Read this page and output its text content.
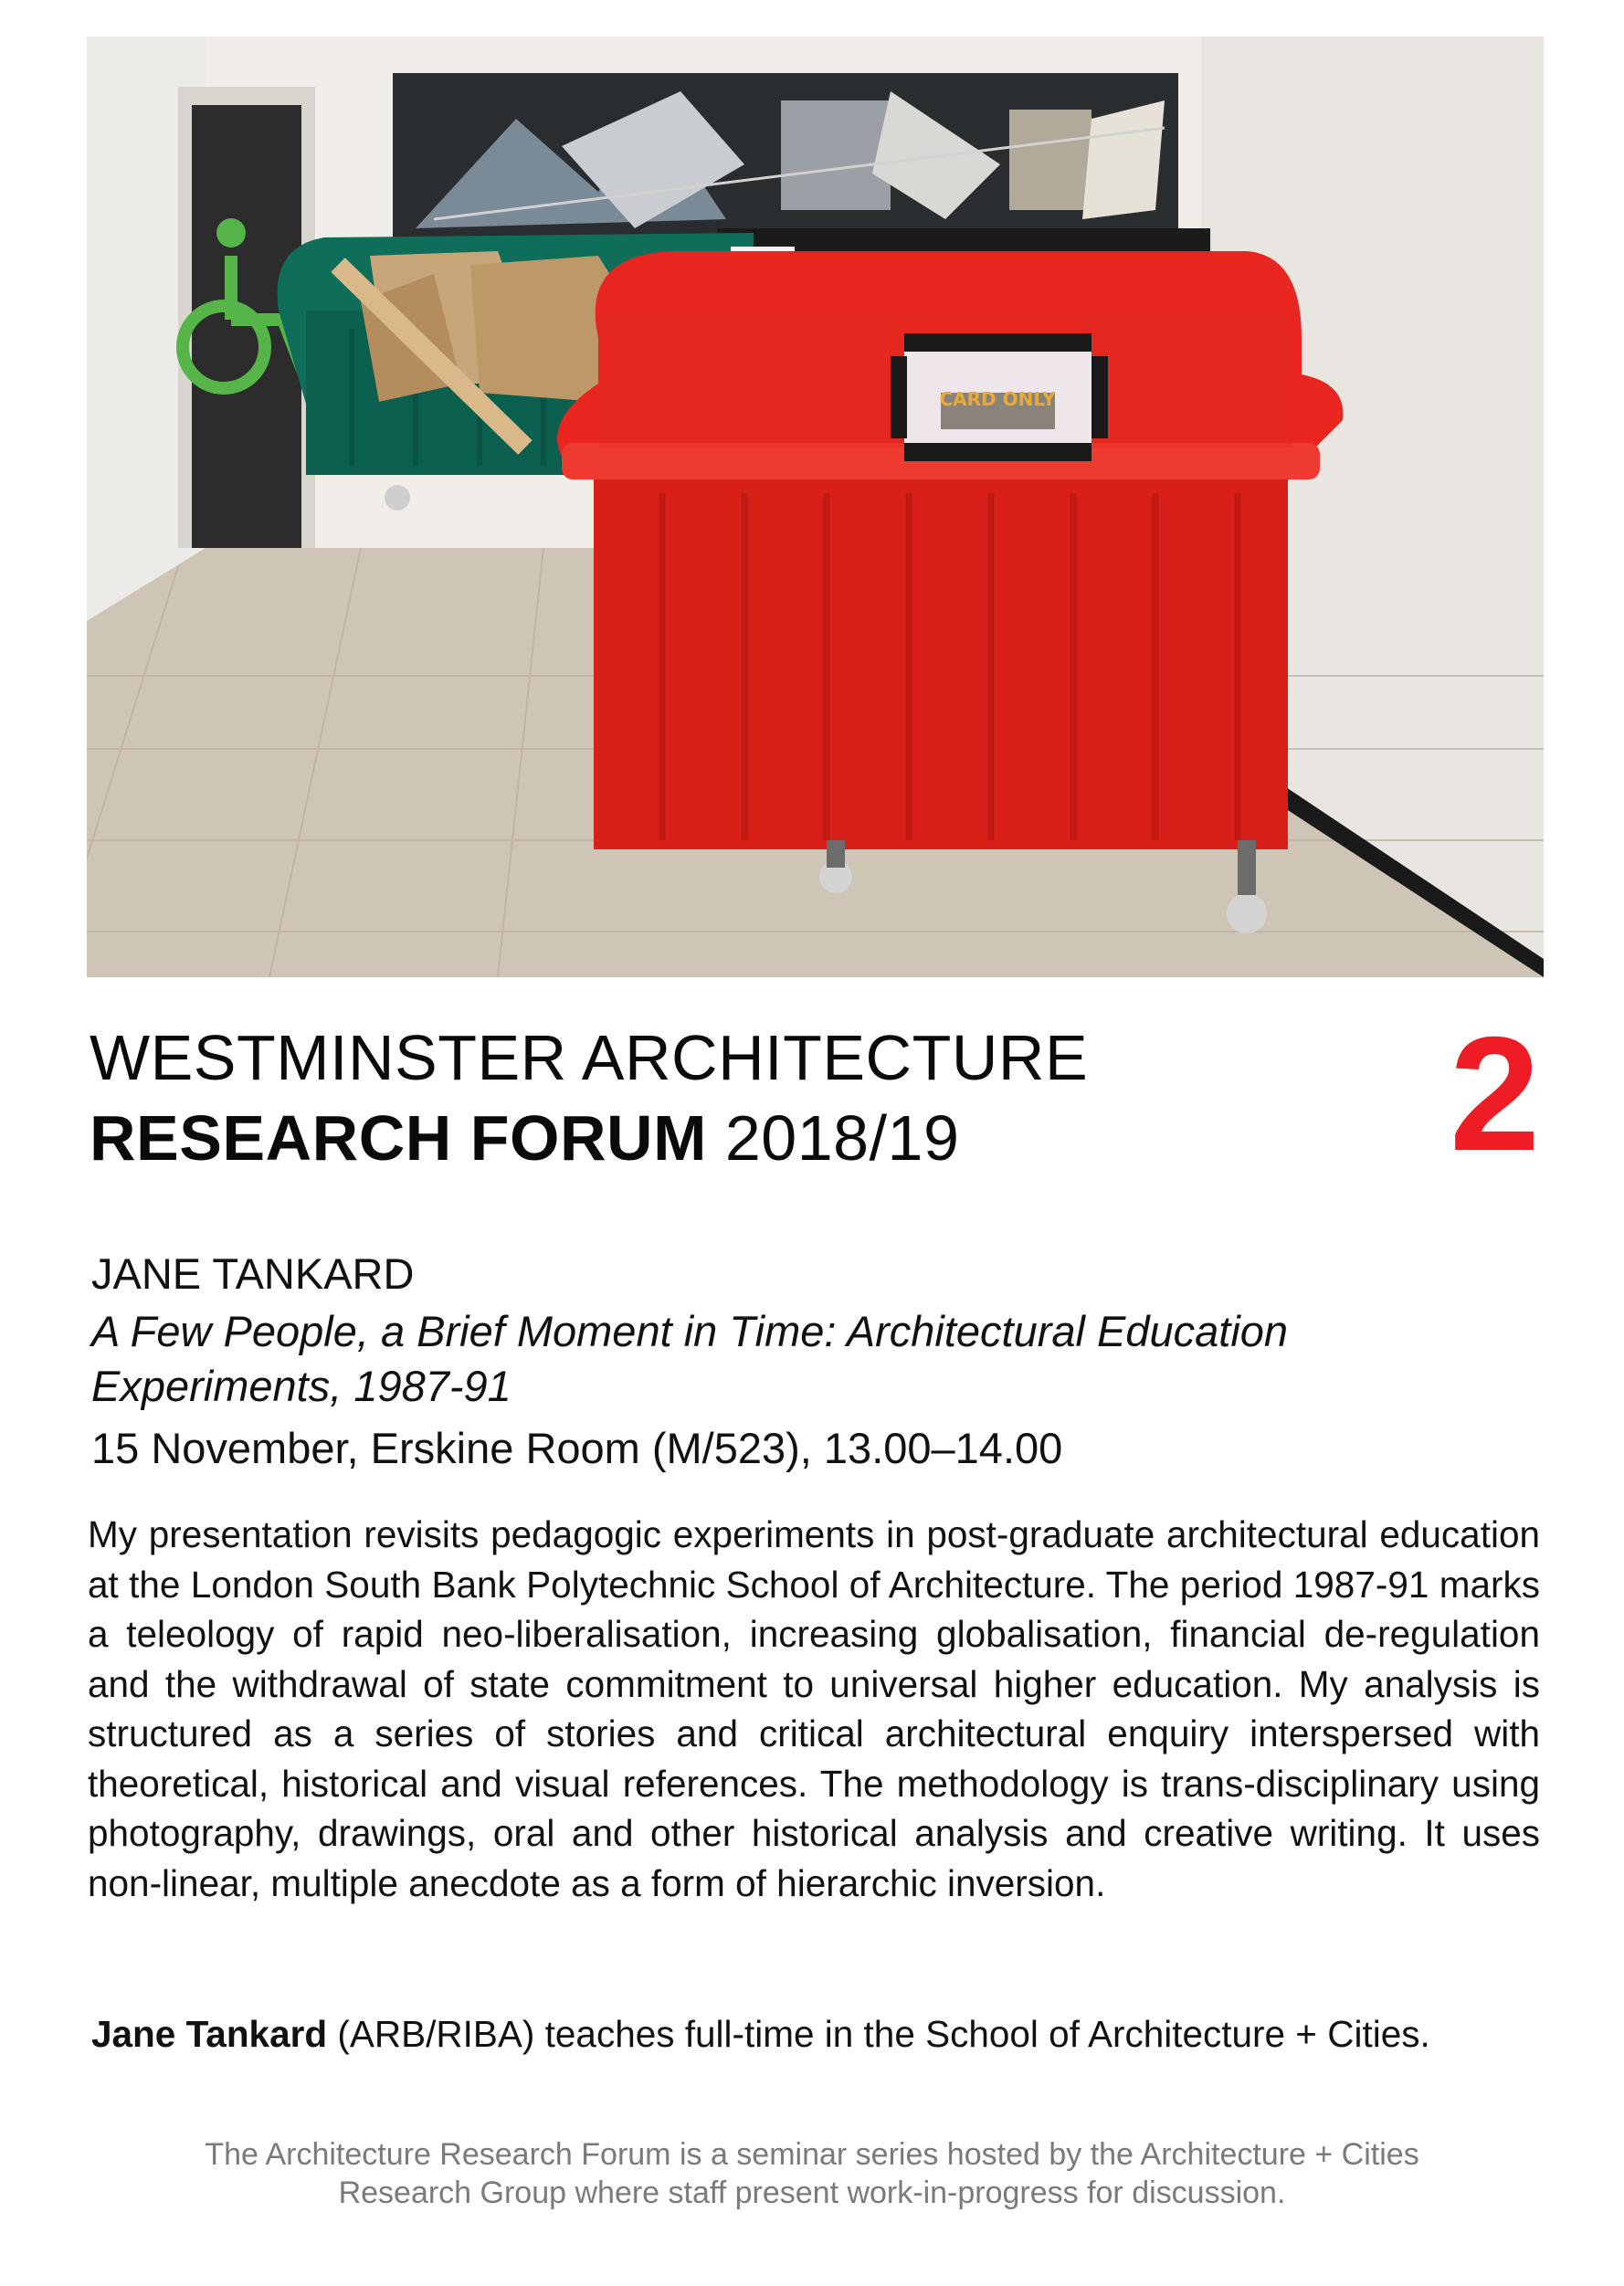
CARD ONLY
WESTMINSTER ARCHITECTURE
RESEARCH FORUM 2018/19	2
JANE TANKARD
A Few People, a Brief Moment in Time: Architectural Education
Experiments, 1987-91
15 November, Erskine Room (M/523), 13.00–14.00
My presentation revisits pedagogic experiments in post-graduate architectural education at the London South Bank Polytechnic School of Architecture. The period 1987-91 marks a teleology of rapid neo-liberalisation, increasing globalisation, financial de-regulation and the withdrawal of state commitment to universal higher education. My analysis is structured as a series of stories and critical architectural enquiry interspersed with theoretical, historical and visual references. The methodology is trans-disciplinary using photography, drawings, oral and other historical analysis and creative writing. It uses non-linear, multiple anecdote as a form of hierarchic inversion.
Jane Tankard (ARB/RIBA) teaches full-time in the School of Architecture + Cities.
The Architecture Research Forum is a seminar series hosted by the Architecture + Cities
Research Group where staff present work-in-progress for discussion.
